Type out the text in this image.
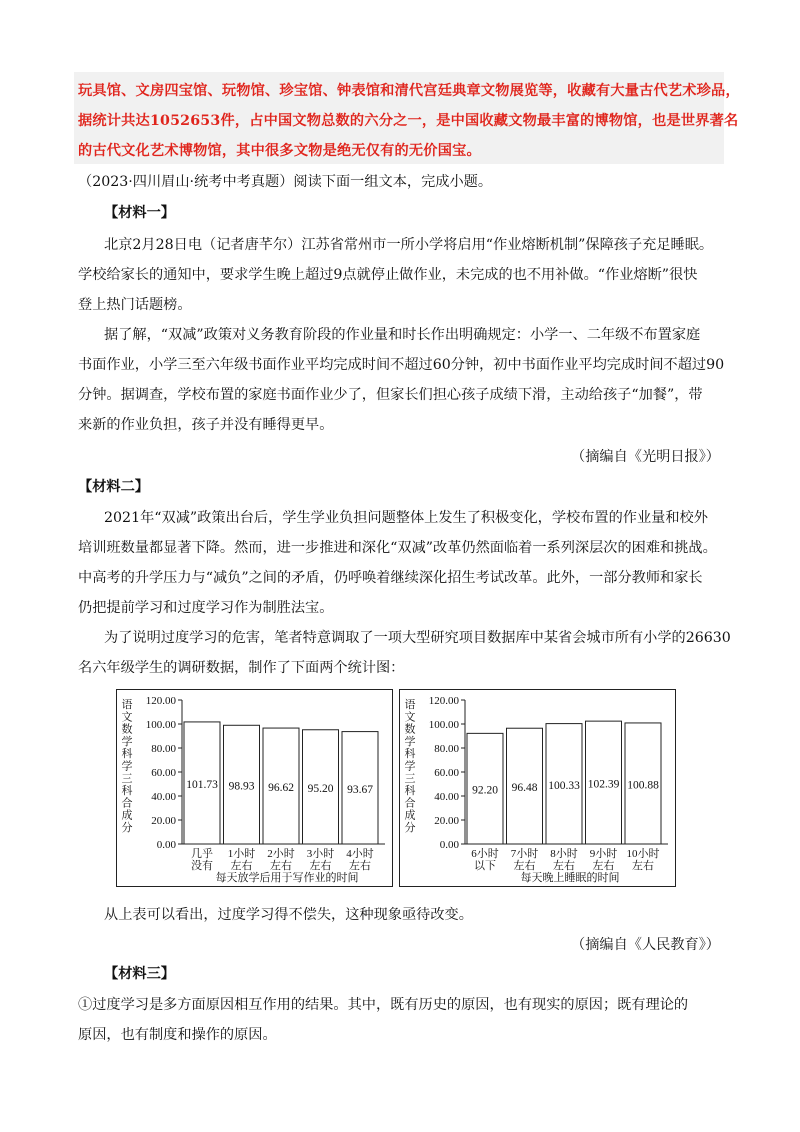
玩具馆、文房四宝馆、玩物馆、珍宝馆、钟表馆和清代宫廷典章文物展览等，收藏有大量古代艺术珍品，
据统计共达1052653件，占中国文物总数的六分之一，是中国收藏文物最丰富的博物馆，也是世界著名
的古代文化艺术博物馆，其中很多文物是绝无仅有的无价国宝。
（2023·四川眉山·统考中考真题）阅读下面一组文本，完成小题。
【材料一】
北京2月28日电（记者唐芊尔）江苏省常州市一所小学将启用“作业熔断机制”保障孩子充足睡眠。
学校给家长的通知中，要求学生晚上超过9点就停止做作业，未完成的也不用补做。“作业熔断”很快
登上热门话题榜。
据了解，“双减”政策对义务教育阶段的作业量和时长作出明确规定：小学一、二年级不布置家庭
书面作业，小学三至六年级书面作业平均完成时间不超过60分钟，初中书面作业平均完成时间不超过90
分钟。据调查，学校布置的家庭书面作业少了，但家长们担心孩子成绩下滑，主动给孩子“加餐”，带
来新的作业负担，孩子并没有睡得更早。
（摘编自《光明日报》）
【材料二】
2021年“双减”政策出台后，学生学业负担问题整体上发生了积极变化，学校布置的作业量和校外
培训班数量都显著下降。然而，进一步推进和深化“双减”改革仍然面临着一系列深层次的困难和挑战。
中高考的升学压力与“减负”之间的矛盾，仍呼唤着继续深化招生考试改革。此外，一部分教师和家长
仍把提前学习和过度学习作为制胜法宝。
为了说明过度学习的危害，笔者特意调取了一项大型研究项目数据库中某省会城市所有小学的26630
名六年级学生的调研数据，制作了下面两个统计图：
语
文
数
学
科
学
三
科
合
成
分
0.00
20.00
40.00
60.00
80.00
100.00
120.00
101.73
几乎
没有
98.93
1小时
左右
96.62
2小时
左右
95.20
3小时
左右
93.67
4小时
左右
每天放学后用于写作业的时间
语
文
数
学
科
学
三
科
合
成
分
0.00
20.00
40.00
60.00
80.00
100.00
120.00
92.20
6小时
以下
96.48
7小时
左右
100.33
8小时
左右
102.39
9小时
左右
100.88
10小时
左右
每天晚上睡眠的时间
从上表可以看出，过度学习得不偿失，这种现象亟待改变。
（摘编自《人民教育》）
【材料三】
①过度学习是多方面原因相互作用的结果。其中，既有历史的原因，也有现实的原因；既有理论的
原因，也有制度和操作的原因。
